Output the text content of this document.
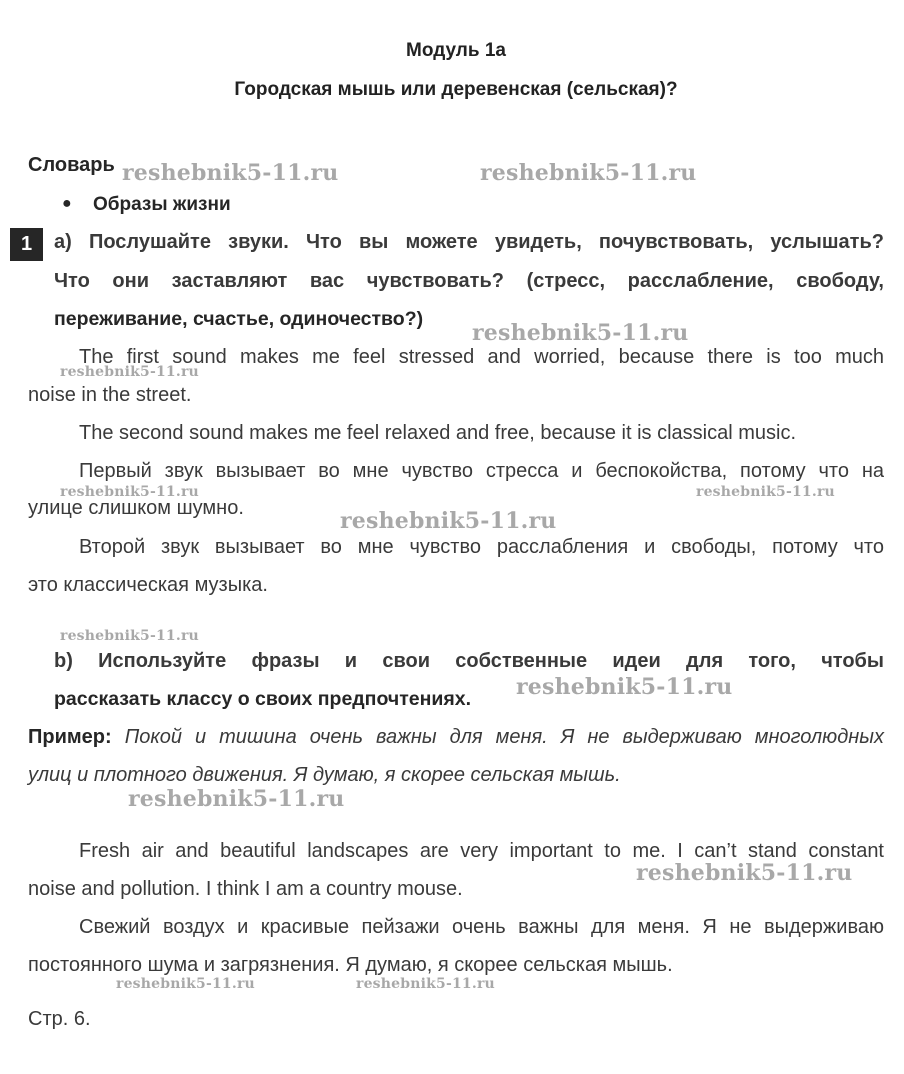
Модуль 1а
Городская мышь или деревенская (сельская)?
Словарь
● Образы жизни
1	а) Послушайте звуки. Что вы можете увидеть, почувствовать, услышать?
Что они заставляют вас чувствовать? (стресс, расслабление, свободу,
переживание, счастье, одиночество?)
The first sound makes me feel stressed and worried, because there is too much
noise in the street.
The second sound makes me feel relaxed and free, because it is classical music.
Первый звук вызывает во мне чувство стресса и беспокойства, потому что на
улице слишком шумно.
Второй звук вызывает во мне чувство расслабления и свободы, потому что
это классическая музыка.
b) Используйте фразы и свои собственные идеи для того, чтобы
рассказать классу о своих предпочтениях.
Пример: Покой и тишина очень важны для меня. Я не выдерживаю многолюдных
улиц и плотного движения. Я думаю, я скорее сельская мышь.
Fresh air and beautiful landscapes are very important to me. I can’t stand constant
noise and pollution. I think I am a country mouse.
Свежий воздух и красивые пейзажи очень важны для меня. Я не выдерживаю
постоянного шума и загрязнения. Я думаю, я скорее сельская мышь.
Стр. 6.
reshebnik5-11.ru	reshebnik5-11.ru
reshebnik5-11.ru
reshebnik5-11.ru
reshebnik5-11.ru	reshebnik5-11.ru
reshebnik5-11.ru
reshebnik5-11.ru
reshebnik5-11.ru
reshebnik5-11.ru
reshebnik5-11.ru
reshebnik5-11.ru	reshebnik5-11.ru
